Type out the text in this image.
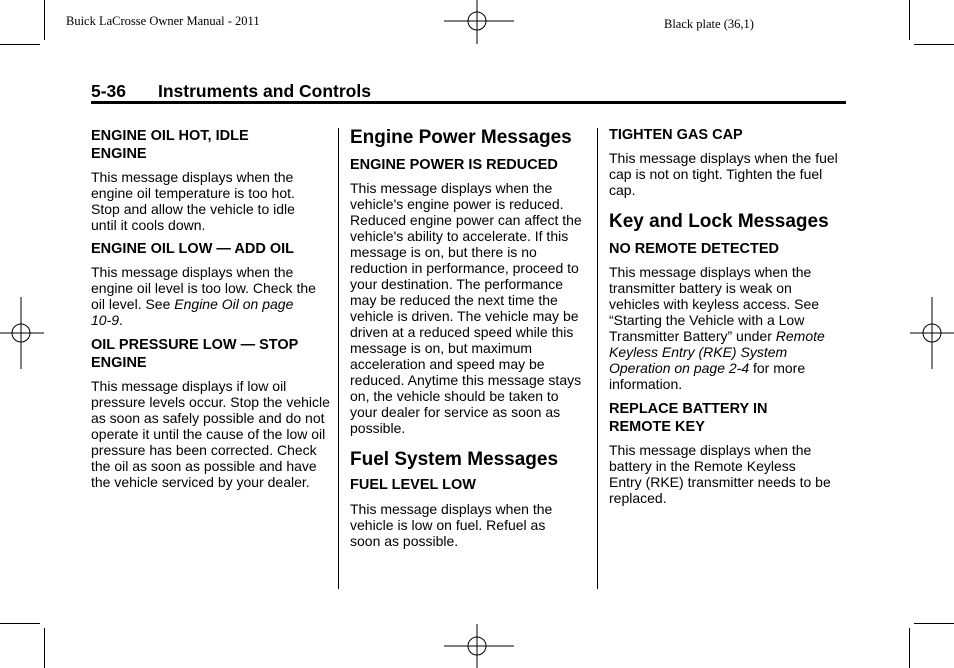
Buick LaCrosse Owner Manual - 2011	Black plate (36,1)
5-36 Instruments and Controls
ENGINE OIL HOT, IDLE ENGINE

This message displays when the engine oil temperature is too hot. Stop and allow the vehicle to idle until it cools down.

ENGINE OIL LOW — ADD OIL

This message displays when the engine oil level is too low. Check the oil level. See Engine Oil on page 10‑9.

OIL PRESSURE LOW — STOP ENGINE

This message displays if low oil pressure levels occur. Stop the vehicle as soon as safely possible and do not operate it until the cause of the low oil pressure has been corrected. Check the oil as soon as possible and have the vehicle serviced by your dealer.

Engine Power Messages
ENGINE POWER IS REDUCED

This message displays when the vehicle's engine power is reduced. Reduced engine power can affect the vehicle's ability to accelerate. If this message is on, but there is no reduction in performance, proceed to your destination. The performance may be reduced the next time the vehicle is driven. The vehicle may be driven at a reduced speed while this message is on, but maximum acceleration and speed may be reduced. Anytime this message stays on, the vehicle should be taken to your dealer for service as soon as possible.

Fuel System Messages
FUEL LEVEL LOW

This message displays when the vehicle is low on fuel. Refuel as soon as possible.

TIGHTEN GAS CAP

This message displays when the fuel cap is not on tight. Tighten the fuel cap.

Key and Lock Messages
NO REMOTE DETECTED

This message displays when the transmitter battery is weak on vehicles with keyless access. See “Starting the Vehicle with a Low Transmitter Battery” under Remote Keyless Entry (RKE) System Operation on page 2‑4 for more information.

REPLACE BATTERY IN REMOTE KEY

This message displays when the battery in the Remote Keyless Entry (RKE) transmitter needs to be replaced.
